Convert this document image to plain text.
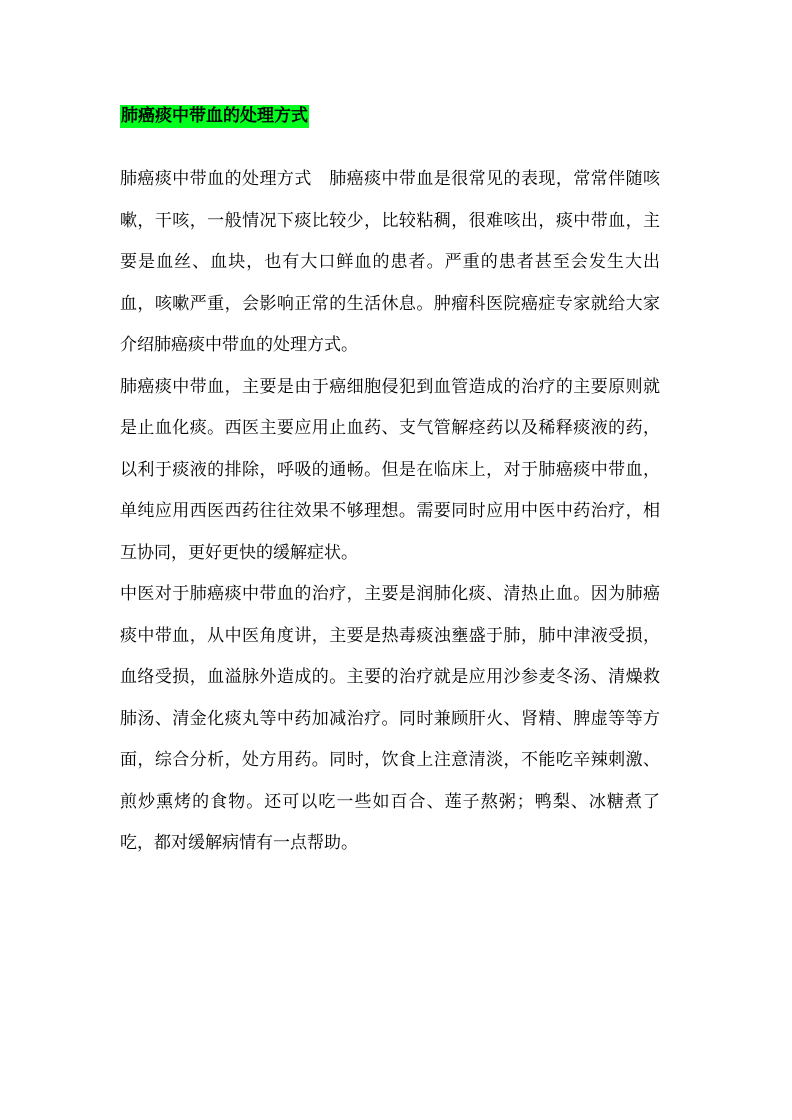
肺癌痰中带血的处理方式

肺癌痰中带血的处理方式　肺癌痰中带血是很常见的表现，常常伴随咳嗽，干咳，一般情况下痰比较少，比较粘稠，很难咳出，痰中带血，主要是血丝、血块，也有大口鲜血的患者。严重的患者甚至会发生大出血，咳嗽严重，会影响正常的生活休息。肿瘤科医院癌症专家就给大家介绍肺癌痰中带血的处理方式。

肺癌痰中带血，主要是由于癌细胞侵犯到血管造成的治疗的主要原则就是止血化痰。西医主要应用止血药、支气管解痉药以及稀释痰液的药，以利于痰液的排除，呼吸的通畅。但是在临床上，对于肺癌痰中带血，单纯应用西医西药往往效果不够理想。需要同时应用中医中药治疗，相互协同，更好更快的缓解症状。

中医对于肺癌痰中带血的治疗，主要是润肺化痰、清热止血。因为肺癌痰中带血，从中医角度讲，主要是热毒痰浊壅盛于肺，肺中津液受损，血络受损，血溢脉外造成的。主要的治疗就是应用沙参麦冬汤、清燥救肺汤、清金化痰丸等中药加减治疗。同时兼顾肝火、肾精、脾虚等等方面，综合分析，处方用药。同时，饮食上注意清淡，不能吃辛辣刺激、煎炒熏烤的食物。还可以吃一些如百合、莲子熬粥；鸭梨、冰糖煮了吃，都对缓解病情有一点帮助。
